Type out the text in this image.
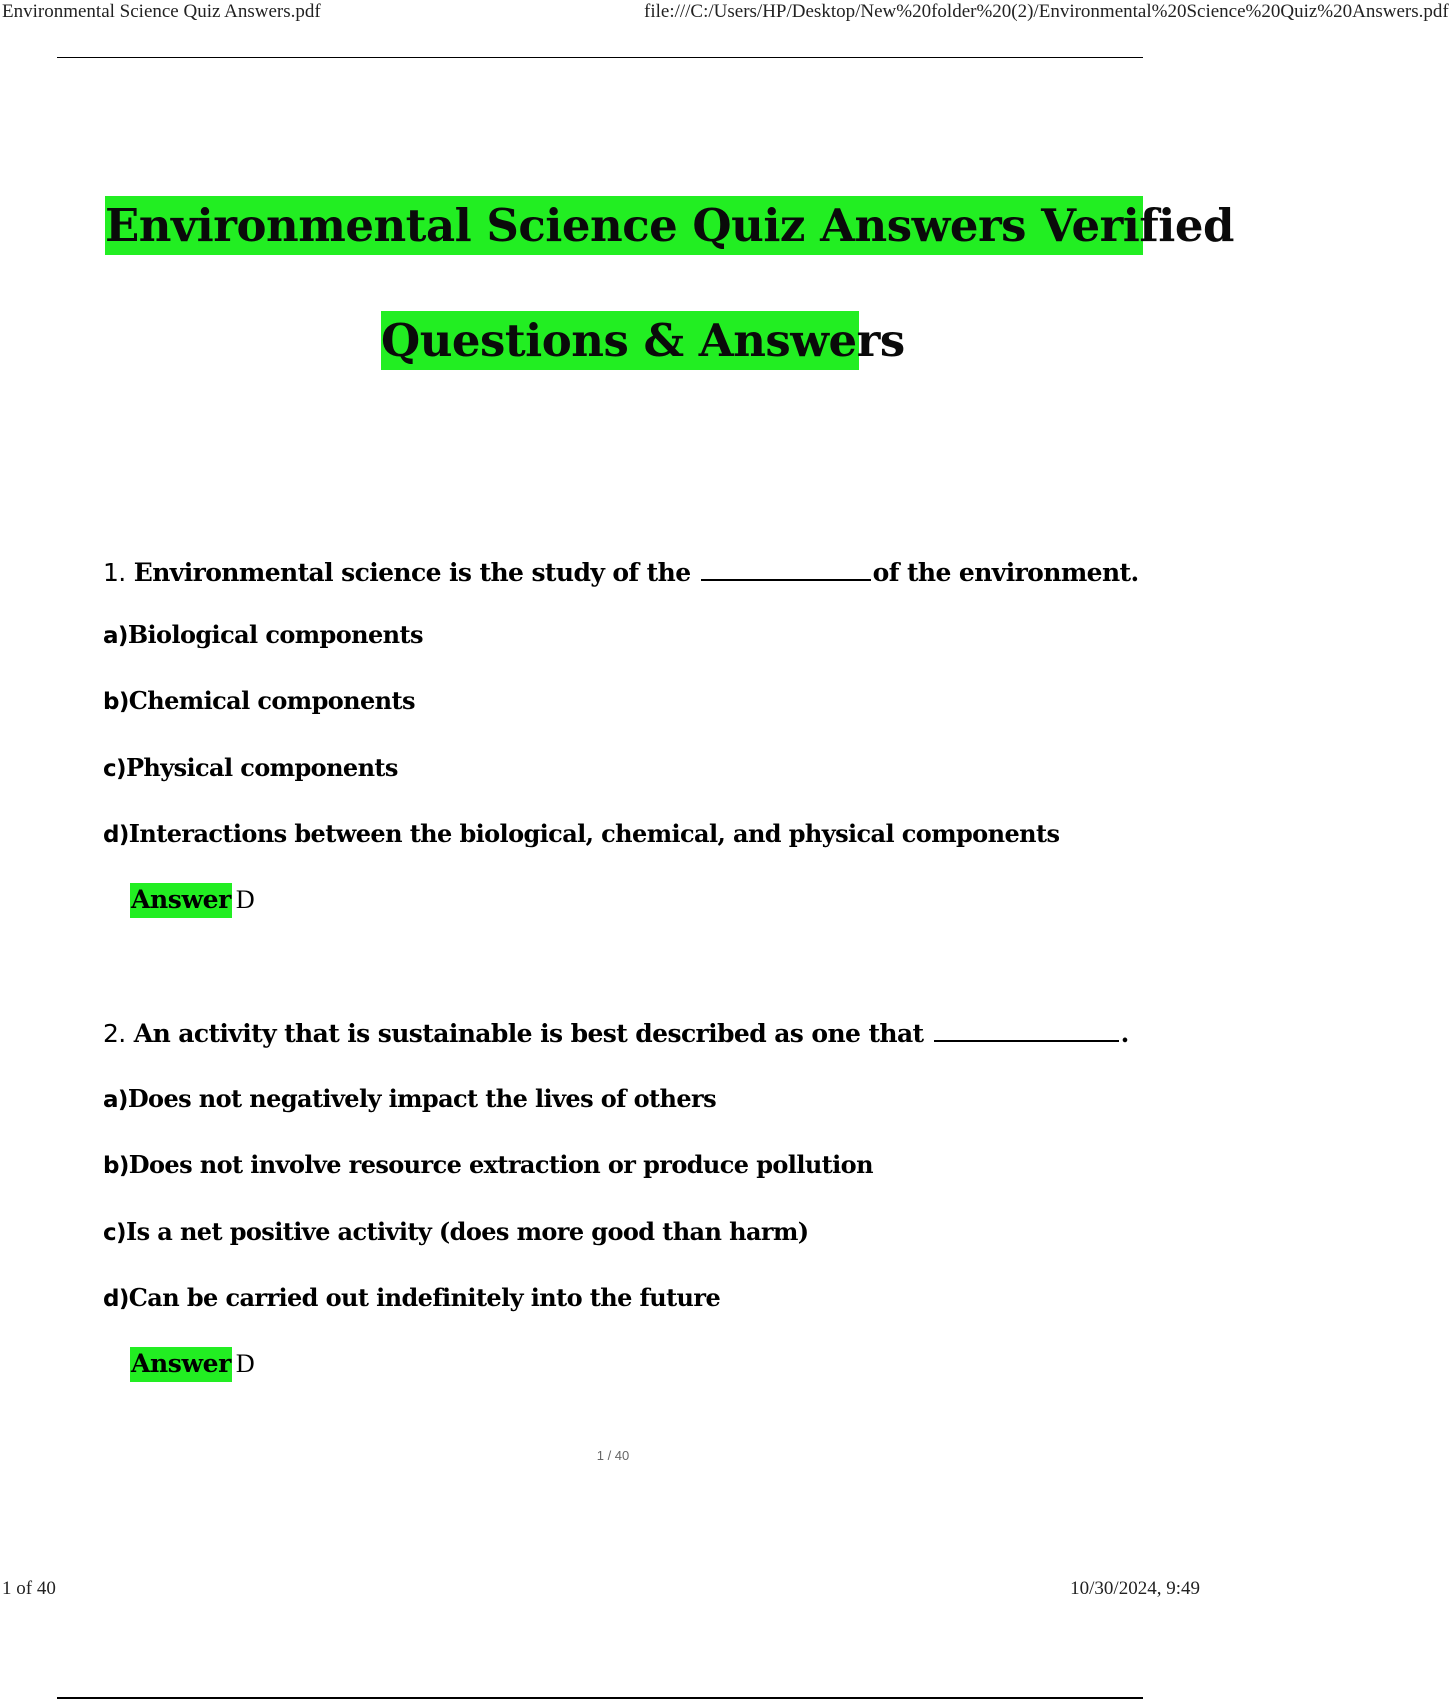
Environmental Science Quiz Answers.pdf	file:///C:/Users/HP/Desktop/New%20folder%20(2)/Environmental%20Science%20Quiz%20Answers.pdf
Environmental Science Quiz Answers Verified
Questions & Answers
1. Environmental science is the study of the	of the environment.
a)Biological components
b)Chemical components
c)Physical components
d)Interactions between the biological, chemical, and physical components
Answer D
2. An activity that is sustainable is best described as one that	.
a)Does not negatively impact the lives of others
b)Does not involve resource extraction or produce pollution
c)Is a net positive activity (does more good than harm)
d)Can be carried out indefinitely into the future
Answer D
1 / 40
1 of 40	10/30/2024, 9:49
